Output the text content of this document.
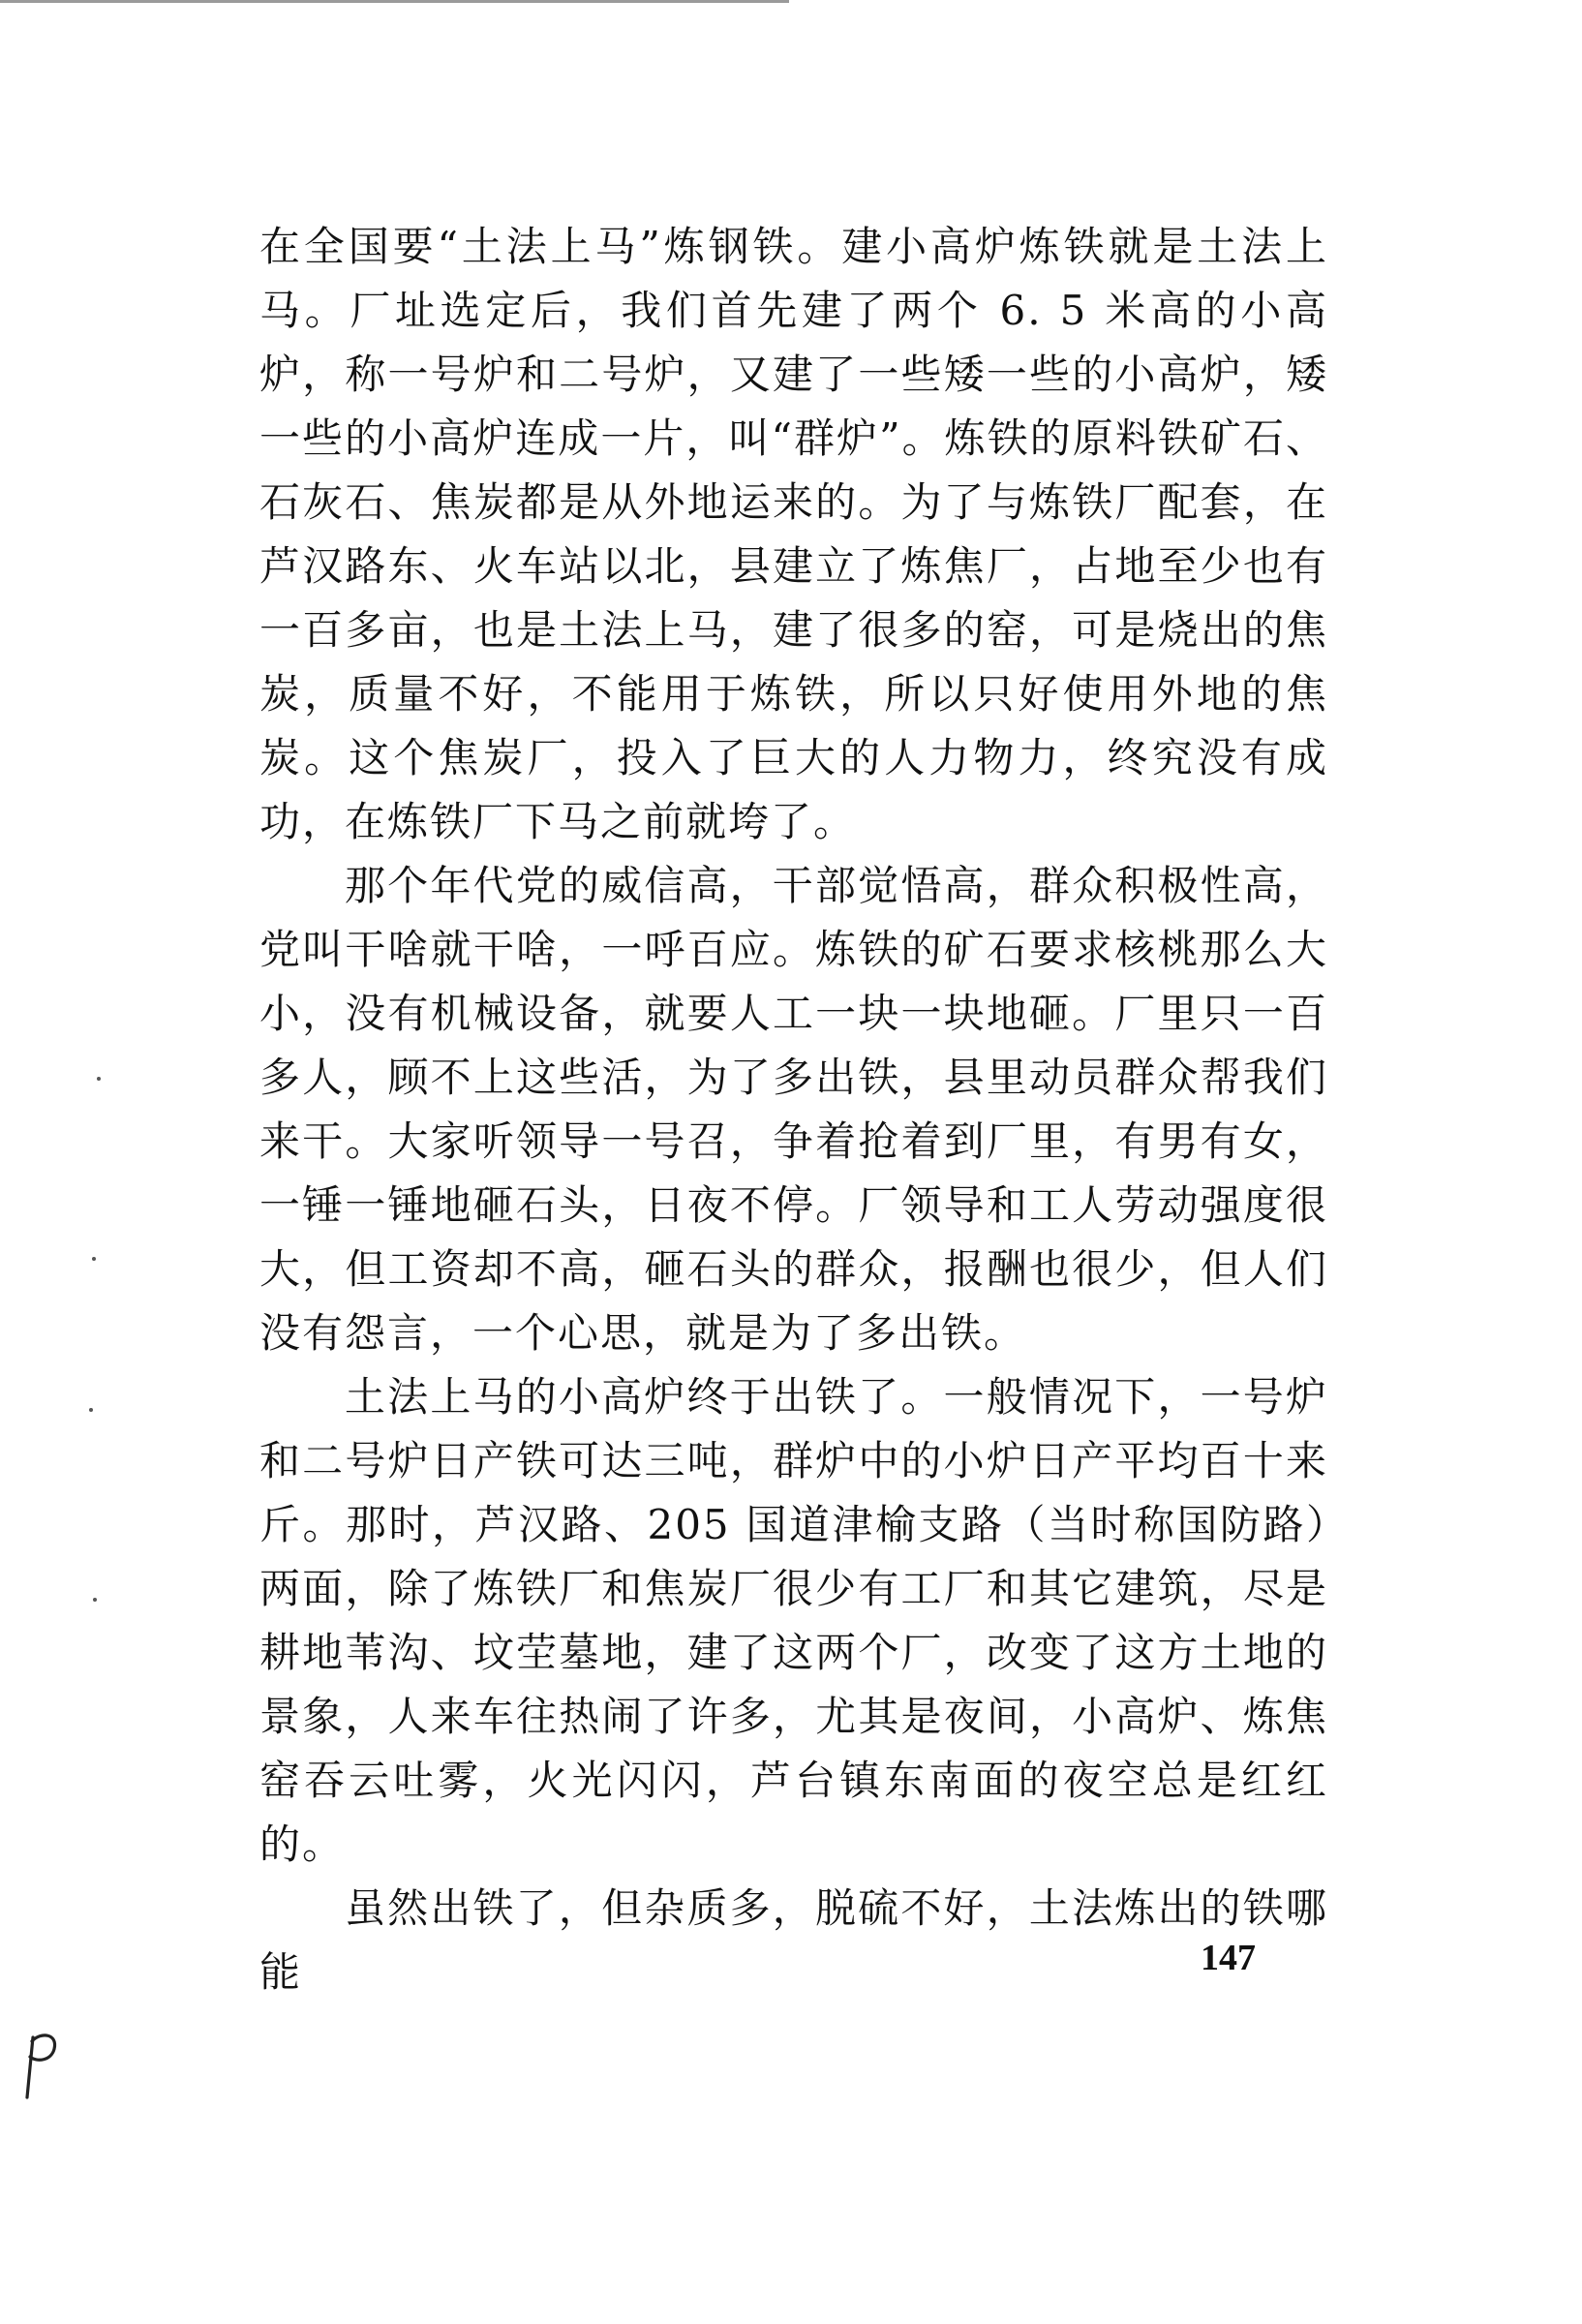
在全国要“土法上马”炼钢铁。建小高炉炼铁就是土法上马。厂址选定后，我们首先建了两个 6. 5 米高的小高炉，称一号炉和二号炉，又建了一些矮一些的小高炉，矮一些的小高炉连成一片，叫“群炉”。炼铁的原料铁矿石、石灰石、焦炭都是从外地运来的。为了与炼铁厂配套，在芦汉路东、火车站以北，县建立了炼焦厂，占地至少也有一百多亩，也是土法上马，建了很多的窑，可是烧出的焦炭，质量不好，不能用于炼铁，所以只好使用外地的焦炭。这个焦炭厂，投入了巨大的人力物力，终究没有成功，在炼铁厂下马之前就垮了。

那个年代党的威信高，干部觉悟高，群众积极性高，党叫干啥就干啥，一呼百应。炼铁的矿石要求核桃那么大小，没有机械设备，就要人工一块一块地砸。厂里只一百多人，顾不上这些活，为了多出铁，县里动员群众帮我们来干。大家听领导一号召，争着抢着到厂里，有男有女，一锤一锤地砸石头，日夜不停。厂领导和工人劳动强度很大，但工资却不高，砸石头的群众，报酬也很少，但人们没有怨言，一个心思，就是为了多出铁。

土法上马的小高炉终于出铁了。一般情况下，一号炉和二号炉日产铁可达三吨，群炉中的小炉日产平均百十来斤。那时，芦汉路、205 国道津榆支路（当时称国防路）两面，除了炼铁厂和焦炭厂很少有工厂和其它建筑，尽是耕地苇沟、坟茔墓地，建了这两个厂，改变了这方土地的景象，人来车往热闹了许多，尤其是夜间，小高炉、炼焦窑吞云吐雾，火光闪闪，芦台镇东南面的夜空总是红红的。

虽然出铁了，但杂质多，脱硫不好，土法炼出的铁哪能	147
